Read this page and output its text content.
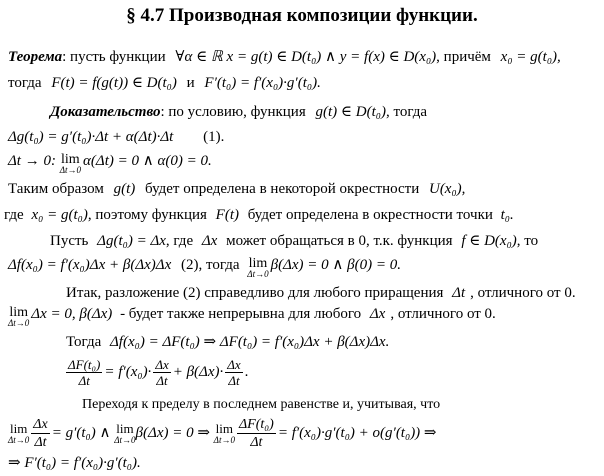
§ 4.7 Производная композиции функции.
Теорема: пусть функции ∀α ∈ ℝ x = g(t) ∈ D(t₀) ∧ y = f(x) ∈ D(x₀), причём x₀ = g(t₀),
тогда F(t) = f(g(t)) ∈ D(t₀) и F′(t₀) = f′(x₀)·g′(t₀).
Доказательство: по условию, функция g(t) ∈ D(t₀), тогда
Δg(t₀) = g′(t₀)·Δt + α(Δt)·Δt (1).
Δt → 0: lim
Δt→0
α(Δt) = 0 ∧ α(0) = 0.
Таким образом g(t) будет определена в некоторой окрестности U(x₀),
где x₀ = g(t₀), поэтому функция F(t) будет определена в окрестности точки t₀.
Пусть Δg(t₀) = Δx, где Δx может обращаться в 0, т.к. функция f ∈ D(x₀), то
Δf(x₀) = f′(x₀)Δx + β(Δx)Δx (2), тогда lim
Δt→0
β(Δx) = 0 ∧ β(0) = 0.
Итак, разложение (2) справедливо для любого приращения Δt , отличного от 0.
lim
Δt→0
Δx = 0, β(Δx) - будет также непрерывна для любого Δx , отличного от 0.
Тогда Δf(x₀) = ΔF(t₀) ⇒ ΔF(t₀) = f′(x₀)Δx + β(Δx)Δx.
$\frac{\text{ΔF(t₀)}}{\Delta t} = f'(x_0)\cdot \frac{\Delta x}{\Delta t} + \beta(\Delta x)\cdot \frac{\Delta x}{\Delta t}$ .
Переходя к пределу в последнем равенстве и, учитывая, что
lim
$\Delta t\to 0 \frac{\Delta x}{\Delta t} = g'(t_0)$ ∧ lim
Δt→0 β(Δx) = 0 ⇒ lim
$\Delta t\to 0 \frac{\text{ΔF(t₀)}}{\Delta t} = f'(x_0)\cdot g'(t_0) + o(g'(t_0))$ ⇒
⇒ F′(t₀) = f′(x₀)·g′(t₀).
